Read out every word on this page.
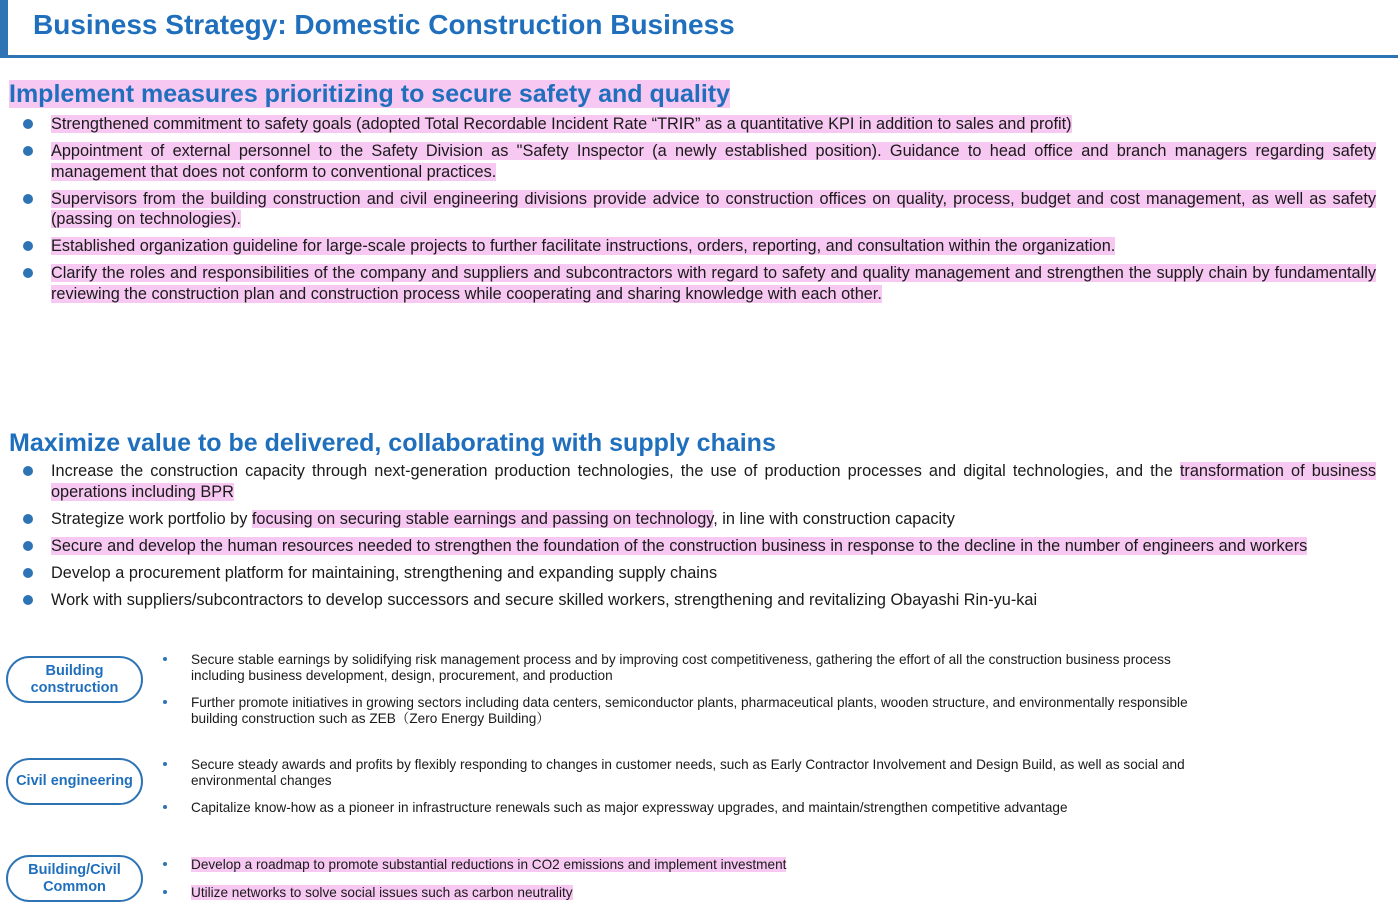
Business Strategy: Domestic Construction Business
Implement measures prioritizing to secure safety and quality
Strengthened commitment to safety goals (adopted Total Recordable Incident Rate “TRIR” as a quantitative KPI in addition to sales and profit)
Appointment of external personnel to the Safety Division as "Safety Inspector (a newly established position). Guidance to head office and branch managers regarding safety management that does not conform to conventional practices.
Supervisors from the building construction and civil engineering divisions provide advice to construction offices on quality, process, budget and cost management, as well as safety (passing on technologies).
Established organization guideline for large-scale projects to further facilitate instructions, orders, reporting, and consultation within the organization.
Clarify the roles and responsibilities of the company and suppliers and subcontractors with regard to safety and quality management and strengthen the supply chain by fundamentally reviewing the construction plan and construction process while cooperating and sharing knowledge with each other.
Maximize value to be delivered, collaborating with supply chains
Increase the construction capacity through next-generation production technologies, the use of production processes and digital technologies, and the transformation of business operations including BPR
Strategize work portfolio by focusing on securing stable earnings and passing on technology, in line with construction capacity
Secure and develop the human resources needed to strengthen the foundation of the construction business in response to the decline in the number of engineers and workers
Develop a procurement platform for maintaining, strengthening and expanding supply chains
Work with suppliers/subcontractors to develop successors and secure skilled workers, strengthening and revitalizing Obayashi Rin-yu-kai
Building construction
Secure stable earnings by solidifying risk management process and by improving cost competitiveness, gathering the effort of all the construction business process including business development, design, procurement, and production
Further promote initiatives in growing sectors including data centers, semiconductor plants, pharmaceutical plants, wooden structure, and environmentally responsible building construction such as ZEB（Zero Energy Building）
Civil engineering
Secure steady awards and profits by flexibly responding to changes in customer needs, such as Early Contractor Involvement and Design Build, as well as social and environmental changes
Capitalize know-how as a pioneer in infrastructure renewals such as major expressway upgrades, and maintain/strengthen competitive advantage
Building/Civil Common
Develop a roadmap to promote substantial reductions in CO2 emissions and implement investment
Utilize networks to solve social issues such as carbon neutrality
